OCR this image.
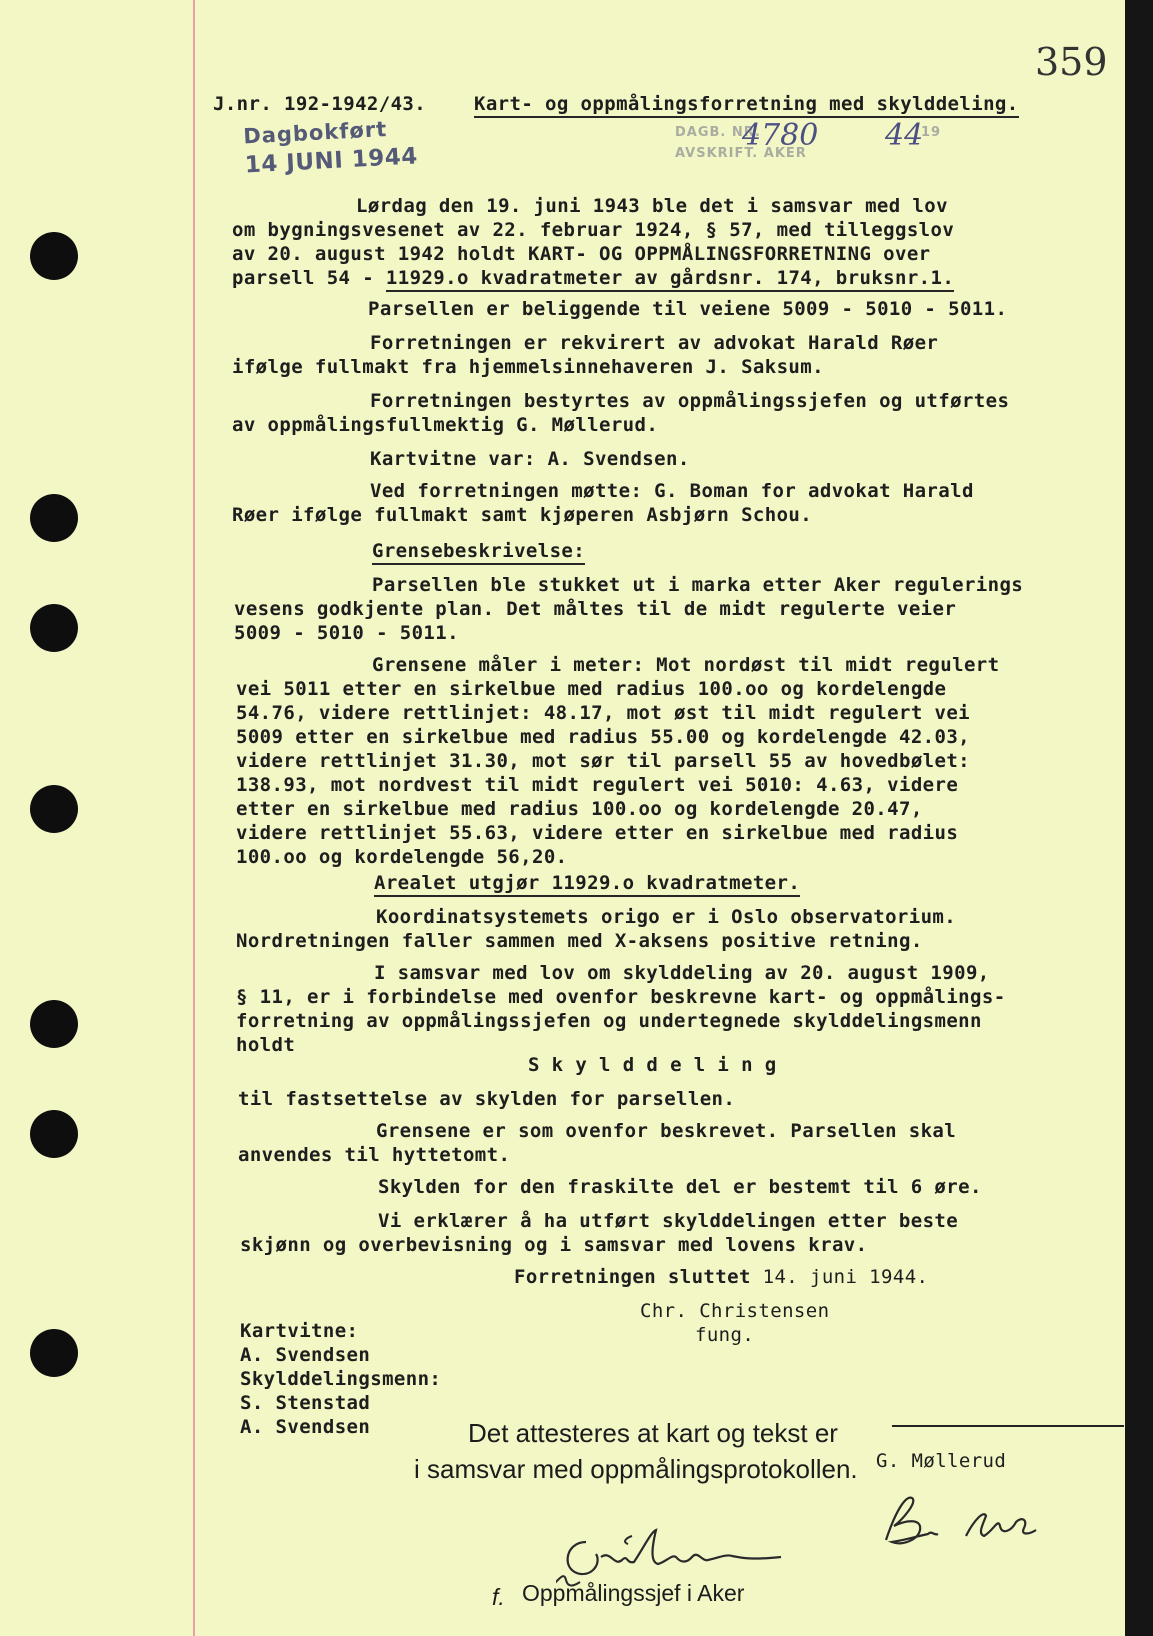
359
J.nr. 192-1942/43.	Kart- og oppmålingsforretning med skylddeling.
Dagbokført
14 JUNI 1944
DAGB. NR.	19
AVSKRIFT. AKER
4780 44
Lørdag den 19. juni 1943 ble det i samsvar med lov
om bygningsvesenet av 22. februar 1924, § 57, med tilleggslov
av 20. august 1942 holdt KART- OG OPPMÅLINGSFORRETNING over
parsell 54 - 11929.o kvadratmeter av gårdsnr. 174, bruksnr.1.
Parsellen er beliggende til veiene 5009 - 5010 - 5011.
Forretningen er rekvirert av advokat Harald Røer
ifølge fullmakt fra hjemmelsinnehaveren J. Saksum.
Forretningen bestyrtes av oppmålingssjefen og utførtes
av oppmålingsfullmektig G. Møllerud.
Kartvitne var: A. Svendsen.
Ved forretningen møtte: G. Boman for advokat Harald
Røer ifølge fullmakt samt kjøperen Asbjørn Schou.
Grensebeskrivelse:
Parsellen ble stukket ut i marka etter Aker regulerings
vesens godkjente plan. Det måltes til de midt regulerte veier
5009 - 5010 - 5011.
Grensene måler i meter: Mot nordøst til midt regulert
vei 5011 etter en sirkelbue med radius 100.oo og kordelengde
54.76, videre rettlinjet: 48.17, mot øst til midt regulert vei
5009 etter en sirkelbue med radius 55.00 og kordelengde 42.03,
videre rettlinjet 31.30, mot sør til parsell 55 av hovedbølet:
138.93, mot nordvest til midt regulert vei 5010: 4.63, videre
etter en sirkelbue med radius 100.oo og kordelengde 20.47,
videre rettlinjet 55.63, videre etter en sirkelbue med radius
100.oo og kordelengde 56,20.
Arealet utgjør 11929.o kvadratmeter.
Koordinatsystemets origo er i Oslo observatorium.
Nordretningen faller sammen med X-aksens positive retning.
I samsvar med lov om skylddeling av 20. august 1909,
§ 11, er i forbindelse med ovenfor beskrevne kart- og oppmålings-
forretning av oppmålingssjefen og undertegnede skylddelingsmenn
holdt
S k y l d d e l i n g
til fastsettelse av skylden for parsellen.
Grensene er som ovenfor beskrevet. Parsellen skal
anvendes til hyttetomt.
Skylden for den fraskilte del er bestemt til 6 øre.
Vi erklærer å ha utført skylddelingen etter beste
skjønn og overbevisning og i samsvar med lovens krav.
Forretningen sluttet 14. juni 1944.
Chr. Christensen
fung.
Kartvitne:
A. Svendsen
Skylddelingsmenn:
S. Stenstad
A. Svendsen	Det attesteres at kart og tekst er
i samsvar med oppmålingsprotokollen. G. Møllerud
f. Oppmålingssjef i Aker
